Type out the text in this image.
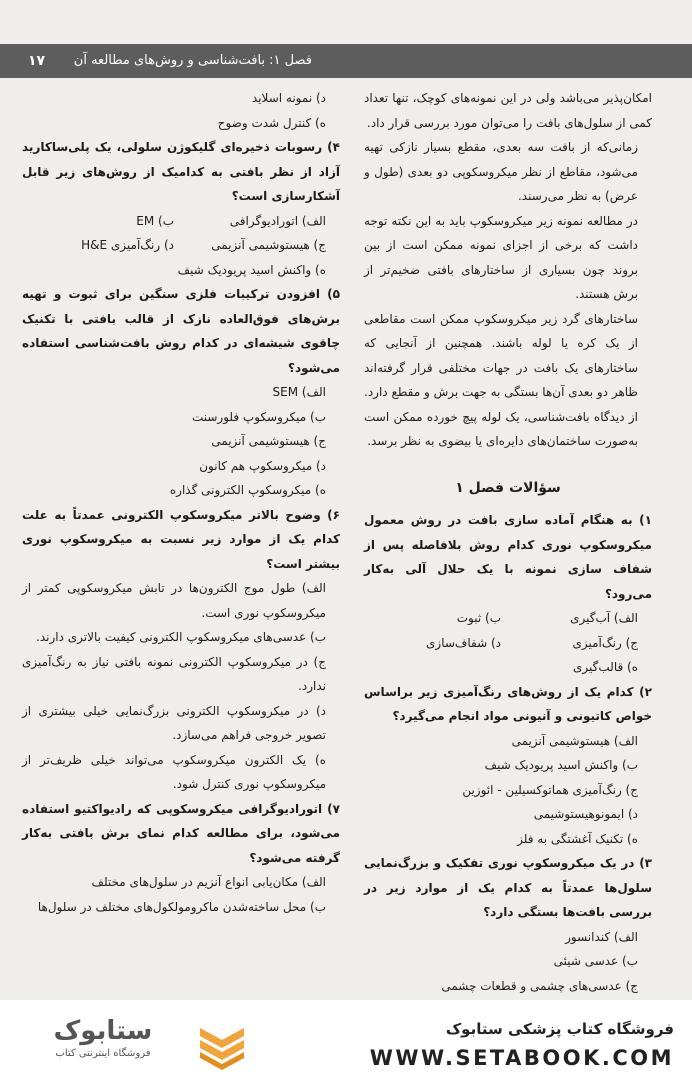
۱۷ فصل ۱: بافت‌شناسی و روش‌های مطالعه آن

امکان‌پذیر می‌باشد ولی در این نمونه‌های کوچک، تنها تعداد کمی از سلول‌های بافت را می‌توان مورد بررسی قرار داد.

زمانی‌که از بافت سه بعدی، مقطع بسیار نازکی تهیه می‌شود، مقاطع از نظر میکروسکوپی دو بعدی (طول و عرض) به نظر می‌رسند.

در مطالعه نمونه زیر میکروسکوپ باید به این نکته توجه داشت که برخی از اجزای نمونه ممکن است از بین بروند چون بسیاری از ساختارهای بافتی ضخیم‌تر از برش هستند.

ساختارهای گرد زیر میکروسکوپ ممکن است مقاطعی از یک کره یا لوله باشند. همچنین از آنجایی که ساختارهای یک بافت در جهات مختلفی قرار گرفته‌اند ظاهر دو بعدی آن‌ها بستگی به جهت برش و مقطع دارد. از دیدگاه بافت‌شناسی، یک لوله پیچ خورده ممکن است به‌صورت ساختمان‌های دایره‌ای یا بیضوی به نظر برسد.

سؤالات فصل ۱

۱) به هنگام آماده سازی بافت در روش معمول میکروسکوپ نوری کدام روش بلافاصله پس از شفاف سازی نمونه با یک حلال آلی به‌کار می‌رود؟

الف) آب‌گیری
ب) ثبوت
ج) رنگ‌آمیزی
د) شفاف‌سازی

ه) قالب‌گیری

۲) کدام یک از روش‌های رنگ‌آمیزی زیر براساس خواص کاتیونی و آنیونی مواد انجام می‌گیرد؟

الف) هیستوشیمی آنزیمی

ب) واکنش اسید پریودیک شیف

ج) رنگ‌آمیزی هماتوکسیلین - ائوزین

د) ایمونوهیستوشیمی

ه) تکنیک آغشتگی به فلز

۳) در یک میکروسکوپ نوری تفکیک و بزرگ‌نمایی سلول‌ها عمدتاً به کدام یک از موارد زیر در بررسی بافت‌ها بستگی دارد؟

الف) کندانسور

ب) عدسی شیئی

ج) عدسی‌های چشمی و قطعات چشمی

د) نمونه اسلاید

ه) کنترل شدت وضوح

۴) رسوبات ذخیره‌ای گلیکوژن سلولی، یک پلی‌ساکارید آزاد از نظر بافتی به کدامیک از روش‌های زیر قابل آشکارسازی است؟

الف) اتورادیوگرافی
ب) EM
ج) هیستوشیمی آنزیمی
د) رنگ‌آمیزی H&E

ه) واکنش اسید پریودیک شیف

۵) افزودن ترکیبات فلزی سنگین برای ثبوت و تهیه برش‌های فوق‌العاده نازک از قالب بافتی با تکنیک چاقوی شیشه‌ای در کدام روش بافت‌شناسی استفاده می‌شود؟

الف) SEM

ب) میکروسکوپ فلورسنت

ج) هیستوشیمی آنزیمی

د) میکروسکوپ هم کانون

ه) میکروسکوپ الکترونی گذاره

۶) وضوح بالاتر میکروسکوپ الکترونی عمدتاً به علت کدام یک از موارد زیر نسبت به میکروسکوپ نوری بیشتر است؟

الف) طول موج الکترون‌ها در تابش میکروسکوپی کمتر از میکروسکوپ نوری است.

ب) عدسی‌های میکروسکوپ الکترونی کیفیت بالاتری دارند.

ج) در میکروسکوپ الکترونی نمونه بافتی نیاز به رنگ‌آمیزی ندارد.

د) در میکروسکوپ الکترونی بزرگ‌نمایی خیلی بیشتری از تصویر خروجی فراهم می‌سازد.

ه) یک الکترون میکروسکوپ می‌تواند خیلی ظریف‌تر از میکروسکوپ نوری کنترل شود.

۷) اتورادیوگرافی میکروسکوپی که رادیواکتیو استفاده می‌شود، برای مطالعه کدام نمای برش بافتی به‌کار گرفته می‌شود؟

الف) مکان‌یابی انواع آنزیم در سلول‌های مختلف

ب) محل ساخته‌شدن ماکرومولکول‌های مختلف در سلول‌ها

ستابوک
فروشگاه اینترنتی کتاب
فروشگاه کتاب پزشکی ستابوک
WWW.SETABOOK.COM
